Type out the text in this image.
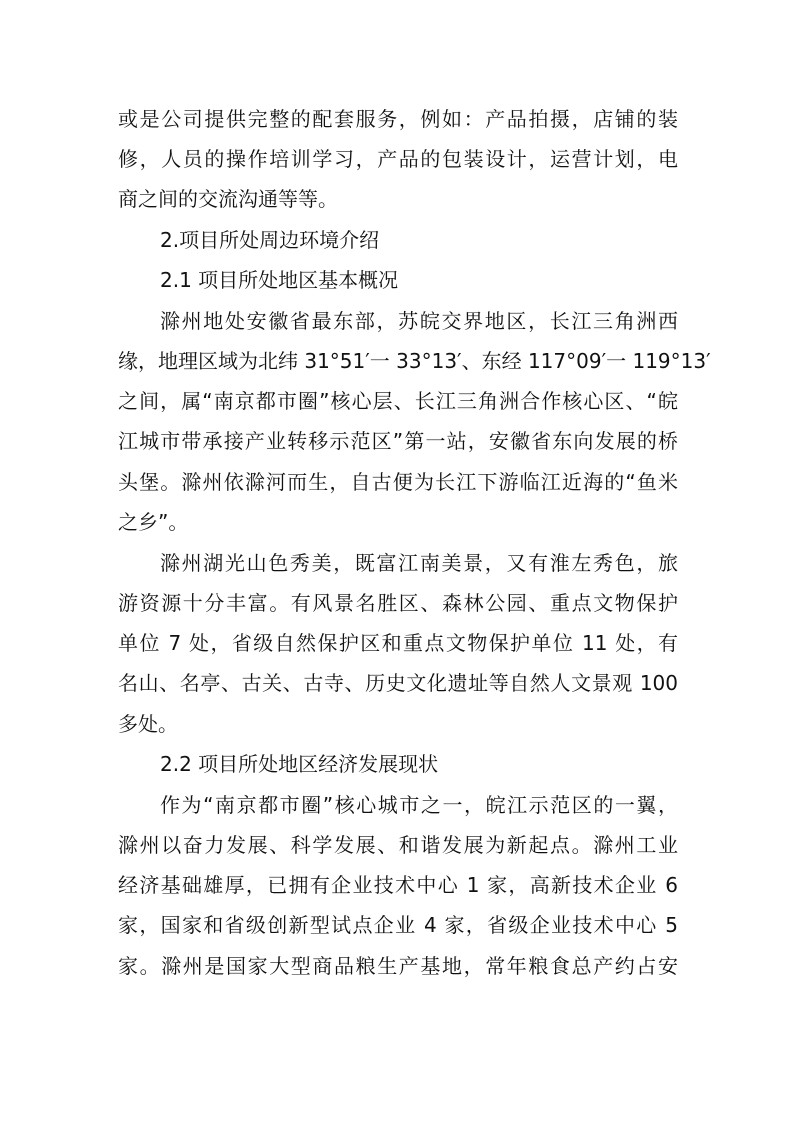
或是公司提供完整的配套服务，例如：产品拍摄，店铺的装
修，人员的操作培训学习，产品的包装设计，运营计划，电
商之间的交流沟通等等。
2.项目所处周边环境介绍
2.1 项目所处地区基本概况
滁州地处安徽省最东部，苏皖交界地区，长江三角洲西
缘，地理区域为北纬 31°51′一 33°13′、东经 117°09′一 119°13′
之间，属“南京都市圈”核心层、长江三角洲合作核心区、“皖
江城市带承接产业转移示范区”第一站，安徽省东向发展的桥
头堡。滁州依滁河而生，自古便为长江下游临江近海的“鱼米
之乡”。
滁州湖光山色秀美，既富江南美景，又有淮左秀色，旅
游资源十分丰富。有风景名胜区、森林公园、重点文物保护
单位 7 处，省级自然保护区和重点文物保护单位 11 处，有
名山、名亭、古关、古寺、历史文化遗址等自然人文景观 100
多处。
2.2 项目所处地区经济发展现状
作为“南京都市圈”核心城市之一，皖江示范区的一翼，
滁州以奋力发展、科学发展、和谐发展为新起点。滁州工业
经济基础雄厚，已拥有企业技术中心 1 家，高新技术企业 6
家，国家和省级创新型试点企业 4 家，省级企业技术中心 5
家。滁州是国家大型商品粮生产基地，常年粮食总产约占安
